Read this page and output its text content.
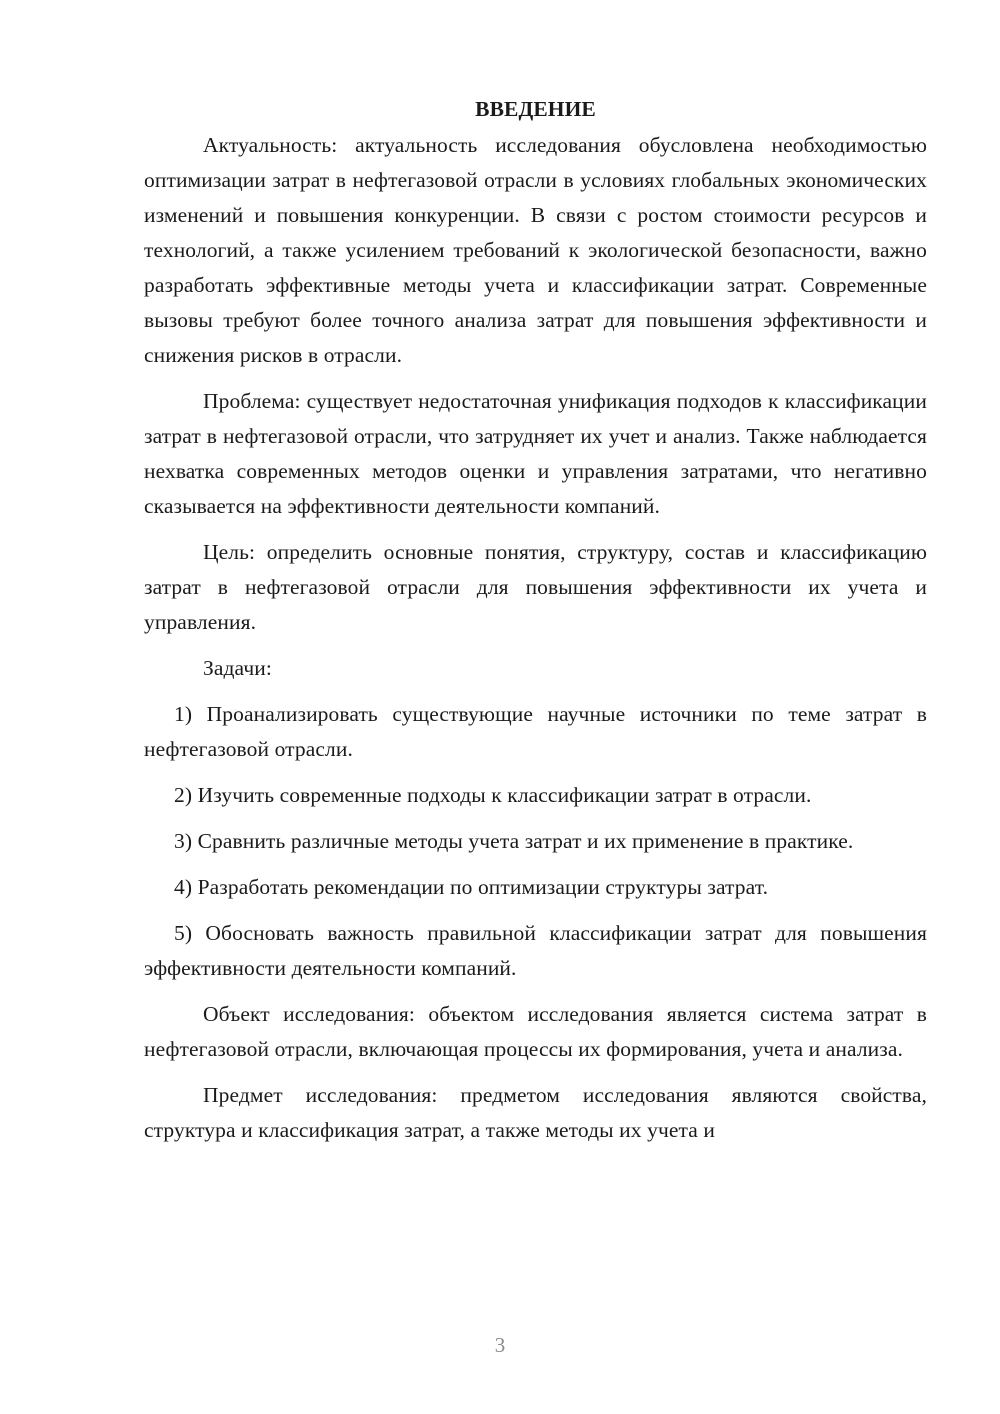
ВВЕДЕНИЕ

Актуальность: актуальность исследования обусловлена необходимостью оптимизации затрат в нефтегазовой отрасли в условиях глобальных экономических изменений и повышения конкуренции. В связи с ростом стоимости ресурсов и технологий, а также усилением требований к экологической безопасности, важно разработать эффективные методы учета и классификации затрат. Современные вызовы требуют более точного анализа затрат для повышения эффективности и снижения рисков в отрасли.

Проблема: существует недостаточная унификация подходов к классификации затрат в нефтегазовой отрасли, что затрудняет их учет и анализ. Также наблюдается нехватка современных методов оценки и управления затратами, что негативно сказывается на эффективности деятельности компаний.

Цель: определить основные понятия, структуру, состав и классификацию затрат в нефтегазовой отрасли для повышения эффективности их учета и управления.

Задачи:

1) Проанализировать существующие научные источники по теме затрат в нефтегазовой отрасли.

2) Изучить современные подходы к классификации затрат в отрасли.

3) Сравнить различные методы учета затрат и их применение в практике.

4) Разработать рекомендации по оптимизации структуры затрат.

5) Обосновать важность правильной классификации затрат для повышения эффективности деятельности компаний.

Объект исследования: объектом исследования является система затрат в нефтегазовой отрасли, включающая процессы их формирования, учета и анализа.

Предмет исследования: предметом исследования являются свойства, структура и классификация затрат, а также методы их учета и

3
